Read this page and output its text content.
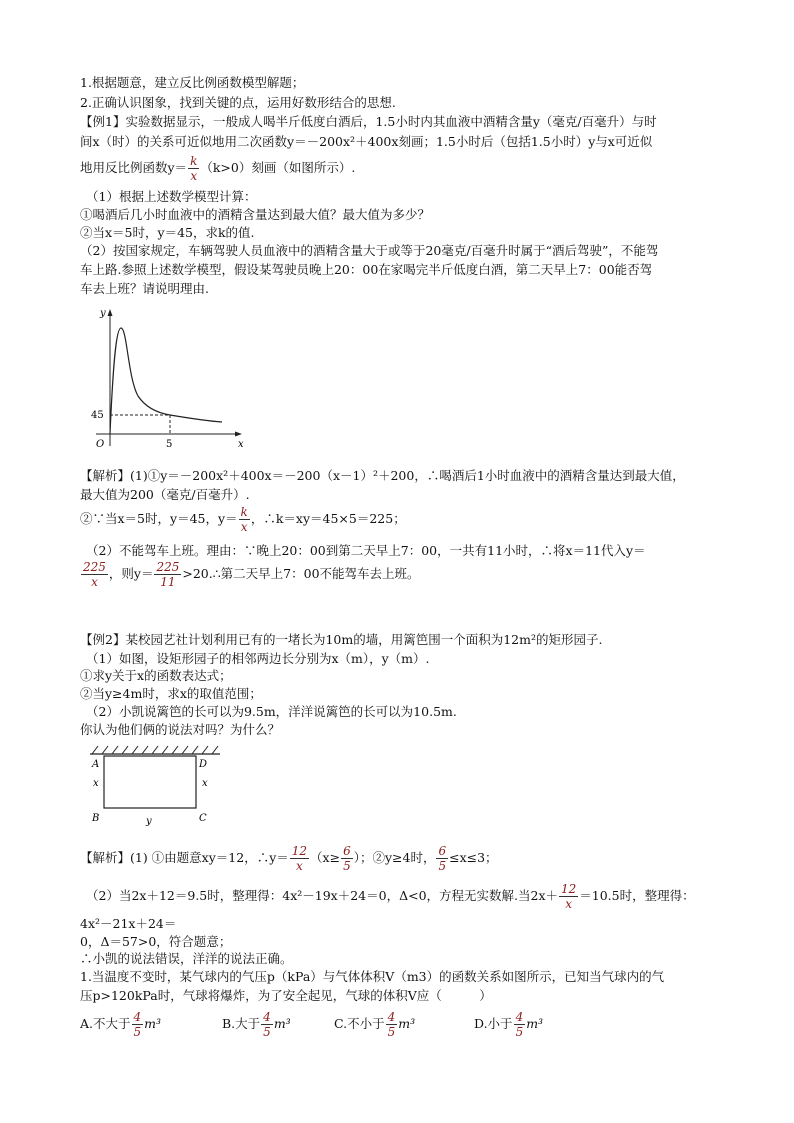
1.根据题意，建立反比例函数模型解题；
2.正确认识图象，找到关键的点，运用好数形结合的思想.
【例1】实验数据显示，一般成人喝半斤低度白酒后，1.5小时内其血液中酒精含量y（毫克/百毫升）与时
间x（时）的关系可近似地用二次函数y＝－200x²＋400x刻画；1.5小时后（包括1.5小时）y与x可近似
地用反比例函数$y= \frac{k}{x} (k>0)$刻画（如图所示）.
（1）根据上述数学模型计算：
①喝酒后几小时血液中的酒精含量达到最大值？最大值为多少？
②当x＝5时，y＝45，求k的值.
（2）按国家规定，车辆驾驶人员血液中的酒精含量大于或等于20毫克/百毫升时属于“酒后驾驶”，不能驾
车上路.参照上述数学模型，假设某驾驶员晚上20：00在家喝完半斤低度白酒，第二天早上7：00能否驾
车去上班？请说明理由.
y
x
O
45
5
【解析】(1)①y＝－200x²＋400x＝－200（x－1）²＋200，∴喝酒后1小时血液中的酒精含量达到最大值，
最大值为200（毫克/百毫升）.
②∵当x＝5时，y＝45，$y= \frac{k}{x}$ ，∴k＝xy＝45×5＝225；
（2）不能驾车上班。理由：∵晚上20：00到第二天早上7：00，一共有11小时，∴将x＝11代入y＝
$\frac{225}{x}$ ，则$y= \frac{225}{11}$ >20.∴第二天早上7：00不能驾车去上班。
【例2】某校园艺社计划利用已有的一堵长为10m的墙，用篱笆围一个面积为12m²的矩形园子.
（1）如图，设矩形园子的相邻两边长分别为x（m），y（m）.
①求y关于x的函数表达式；
②当y≥4m时，求x的取值范围；
（2）小凯说篱笆的长可以为9.5m，洋洋说篱笆的长可以为10.5m.
你认为他们俩的说法对吗？为什么？
A	D
B	C
x	x
y
【解析】(1) ①由题意xy＝12，∴y＝ $\frac{12}{x} (x\ge \frac{6}{5}$ ）；②y≥4时， $\frac{6}{5} \le x\le 3$；
（2）当2x＋12＝9.5时，整理得：4x²－19x＋24＝0，Δ<0，方程无实数解.当$2x+ \frac{12}{x} =10.5$时，整理得：
4x²－21x＋24＝
0，Δ＝57>0，符合题意；
∴小凯的说法错误，洋洋的说法正确。
1.当温度不变时，某气球内的气压p（kPa）与气体体积V（m3）的函数关系如图所示，已知当气球内的气
压p>120kPa时，气球将爆炸，为了安全起见，气球的体积V应（　　　）
A.不大于 $\frac{4}{5} m^3$	B.大于 $\frac{4}{5} m^3$	C.不小于 $\frac{4}{5} m^3$	D.小于 $\frac{4}{5} m^3$
